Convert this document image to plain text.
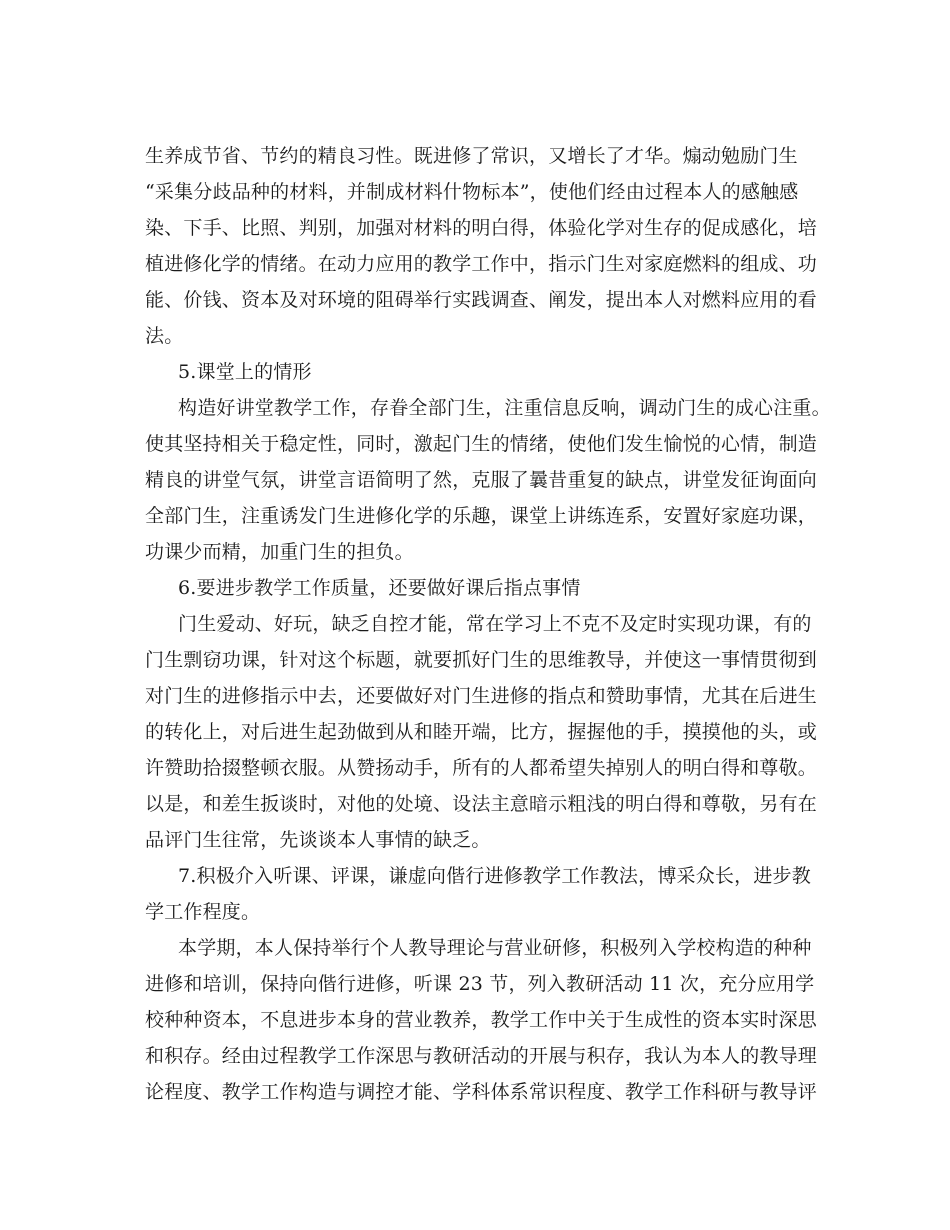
生养成节省、节约的精良习性。既进修了常识，又增长了才华。煽动勉励门生
“采集分歧品种的材料，并制成材料什物标本”，使他们经由过程本人的感触感
染、下手、比照、判别，加强对材料的明白得，体验化学对生存的促成感化，培
植进修化学的情绪。在动力应用的教学工作中，指示门生对家庭燃料的组成、功
能、价钱、资本及对环境的阻碍举行实践调查、阐发，提出本人对燃料应用的看
法。
5.课堂上的情形
构造好讲堂教学工作，存眷全部门生，注重信息反响，调动门生的成心注重。
使其坚持相关于稳定性，同时，激起门生的情绪，使他们发生愉悦的心情，制造
精良的讲堂气氛，讲堂言语简明了然，克服了曩昔重复的缺点，讲堂发征询面向
全部门生，注重诱发门生进修化学的乐趣，课堂上讲练连系，安置好家庭功课，
功课少而精，加重门生的担负。
6.要进步教学工作质量，还要做好课后指点事情
门生爱动、好玩，缺乏自控才能，常在学习上不克不及定时实现功课，有的
门生剽窃功课，针对这个标题，就要抓好门生的思维教导，并使这一事情贯彻到
对门生的进修指示中去，还要做好对门生进修的指点和赞助事情，尤其在后进生
的转化上，对后进生起劲做到从和睦开端，比方，握握他的手，摸摸他的头，或
许赞助拾掇整顿衣服。从赞扬动手，所有的人都希望失掉别人的明白得和尊敬。
以是，和差生扳谈时，对他的处境、设法主意暗示粗浅的明白得和尊敬，另有在
品评门生往常，先谈谈本人事情的缺乏。
7.积极介入听课、评课，谦虚向偕行进修教学工作教法，博采众长，进步教
学工作程度。
本学期，本人保持举行个人教导理论与营业研修，积极列入学校构造的种种
进修和培训，保持向偕行进修，听课 23 节，列入教研活动 11 次，充分应用学
校种种资本，不息进步本身的营业教养，教学工作中关于生成性的资本实时深思
和积存。经由过程教学工作深思与教研活动的开展与积存，我认为本人的教导理
论程度、教学工作构造与调控才能、学科体系常识程度、教学工作科研与教导评
